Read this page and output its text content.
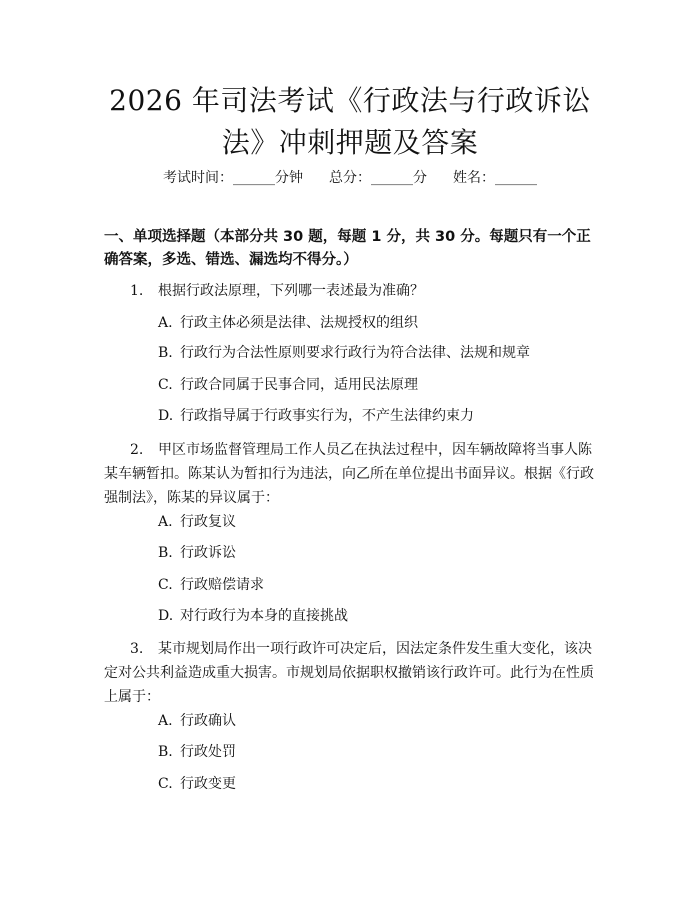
2026 年司法考试《行政法与行政诉讼法》冲刺押题及答案
考试时间：______分钟 总分：______分 姓名：______
一、单项选择题（本部分共 30 题，每题 1 分，共 30 分。每题只有一个正确答案，多选、错选、漏选均不得分。）
1. 根据行政法原理，下列哪一表述最为准确？
A. 行政主体必须是法律、法规授权的组织
B. 行政行为合法性原则要求行政行为符合法律、法规和规章
C. 行政合同属于民事合同，适用民法原理
D. 行政指导属于行政事实行为，不产生法律约束力
2. 甲区市场监督管理局工作人员乙在执法过程中，因车辆故障将当事人陈某车辆暂扣。陈某认为暂扣行为违法，向乙所在单位提出书面异议。根据《行政强制法》，陈某的异议属于：
A. 行政复议
B. 行政诉讼
C. 行政赔偿请求
D. 对行政行为本身的直接挑战
3. 某市规划局作出一项行政许可决定后，因法定条件发生重大变化，该决定对公共利益造成重大损害。市规划局依据职权撤销该行政许可。此行为在性质上属于：
A. 行政确认
B. 行政处罚
C. 行政变更
